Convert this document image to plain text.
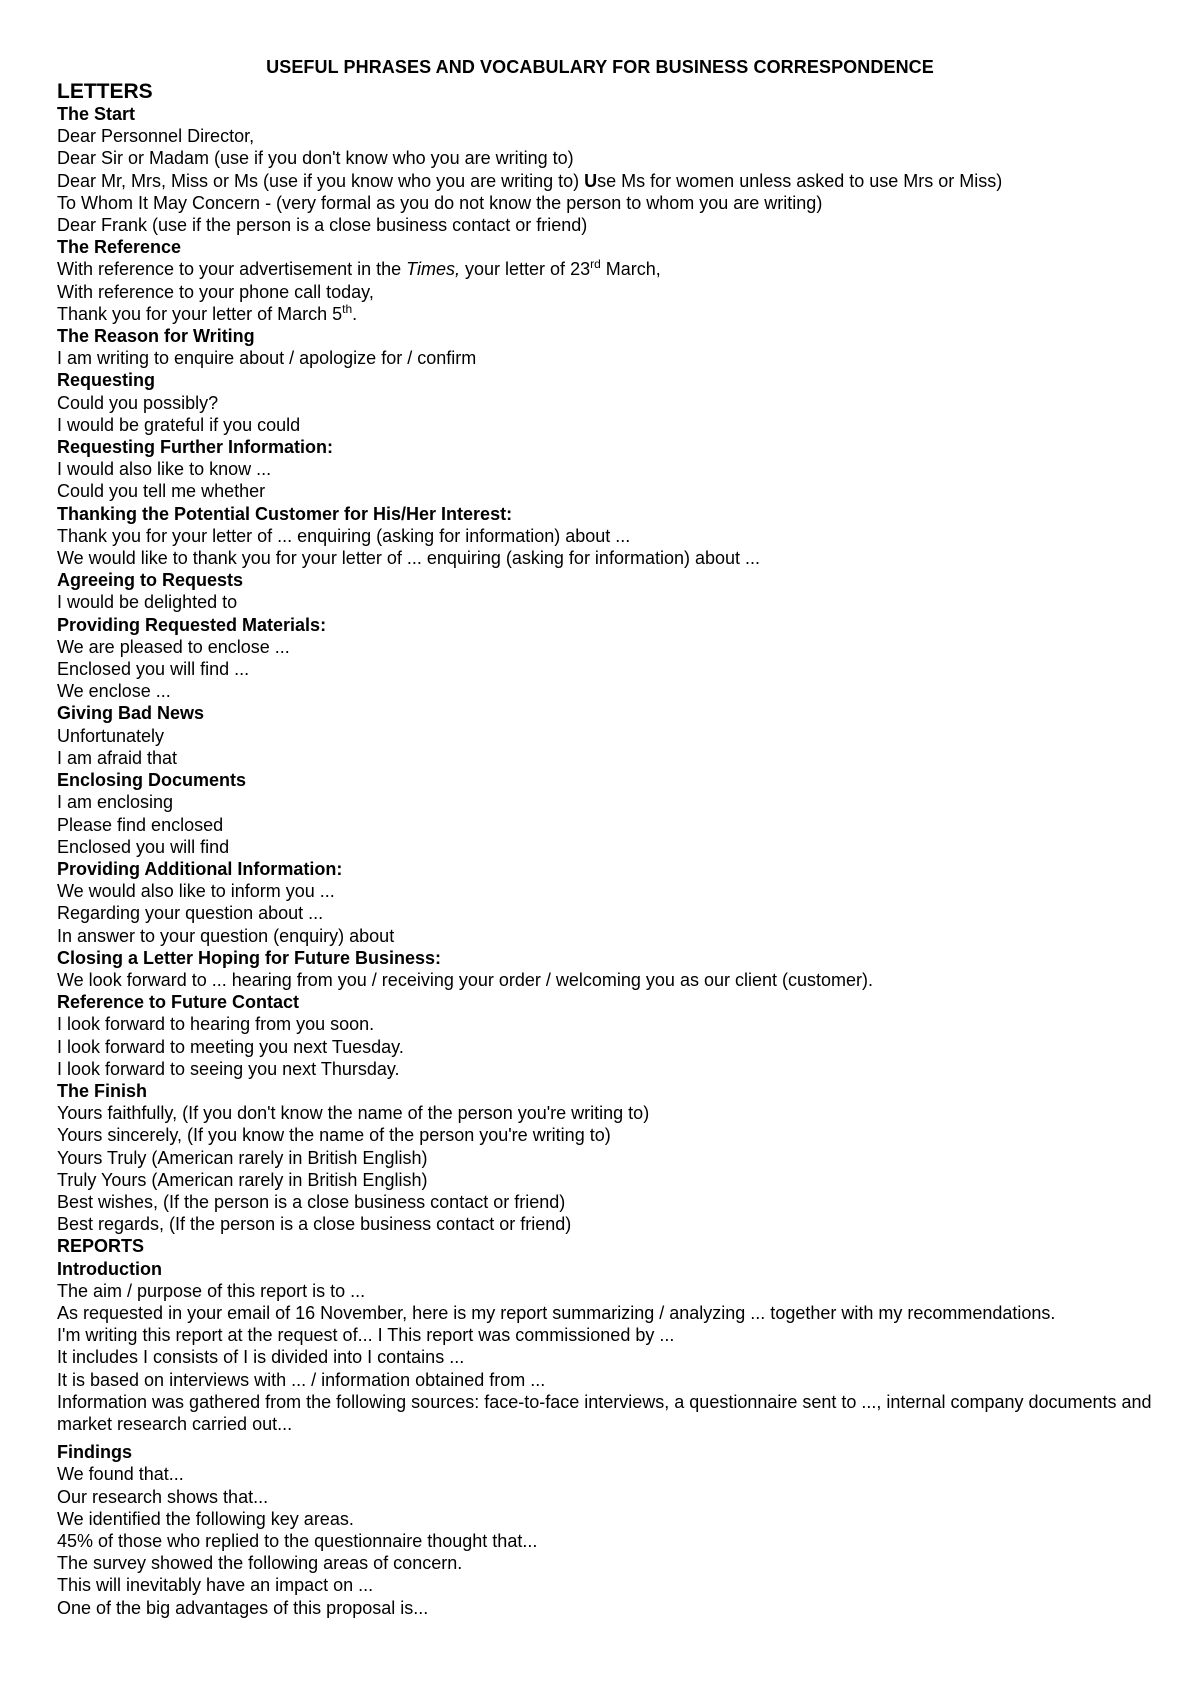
USEFUL PHRASES AND VOCABULARY FOR BUSINESS CORRESPONDENCE

LETTERS

The Start

Dear Personnel Director,

Dear Sir or Madam (use if you don't know who you are writing to)

Dear Mr, Mrs, Miss or Ms (use if you know who you are writing to) Use Ms for women unless asked to use Mrs or Miss)

To Whom It May Concern - (very formal as you do not know the person to whom you are writing)

Dear Frank (use if the person is a close business contact or friend)

The Reference

With reference to your advertisement in the Times, your letter of 23rd March,

With reference to your phone call today,

Thank you for your letter of March 5th.

The Reason for Writing

I am writing to enquire about / apologize for / confirm

Requesting

Could you possibly?

I would be grateful if you could

Requesting Further Information:

I would also like to know ...

Could you tell me whether

Thanking the Potential Customer for His/Her Interest:

Thank you for your letter of ... enquiring (asking for information) about ...

We would like to thank you for your letter of ... enquiring (asking for information) about ...

Agreeing to Requests

I would be delighted to

Providing Requested Materials:

We are pleased to enclose ...

Enclosed you will find ...

We enclose ...

Giving Bad News

Unfortunately

I am afraid that

Enclosing Documents

I am enclosing

Please find enclosed

Enclosed you will find

Providing Additional Information:

We would also like to inform you ...

Regarding your question about ...

In answer to your question (enquiry) about

Closing a Letter Hoping for Future Business:

We look forward to ... hearing from you / receiving your order / welcoming you as our client (customer).

Reference to Future Contact

I look forward to hearing from you soon.

I look forward to meeting you next Tuesday.

I look forward to seeing you next Thursday.

The Finish

Yours faithfully, (If you don't know the name of the person you're writing to)

Yours sincerely, (If you know the name of the person you're writing to)

Yours Truly (American rarely in British English)

Truly Yours (American rarely in British English)

Best wishes, (If the person is a close business contact or friend)

Best regards, (If the person is a close business contact or friend)

REPORTS

Introduction

The aim / purpose of this report is to ...

As requested in your email of 16 November, here is my report summarizing / analyzing ... together with my recommendations.

I'm writing this report at the request of... I This report was commissioned by ...

It includes I consists of I is divided into I contains ...

It is based on interviews with ... / information obtained from ...

Information was gathered from the following sources: face-to-face interviews, a questionnaire sent to ..., internal company documents and market research carried out...

Findings

We found that...

Our research shows that...

We identified the following key areas.

45% of those who replied to the questionnaire thought that...

The survey showed the following areas of concern.

This will inevitably have an impact on ...

One of the big advantages of this proposal is...
